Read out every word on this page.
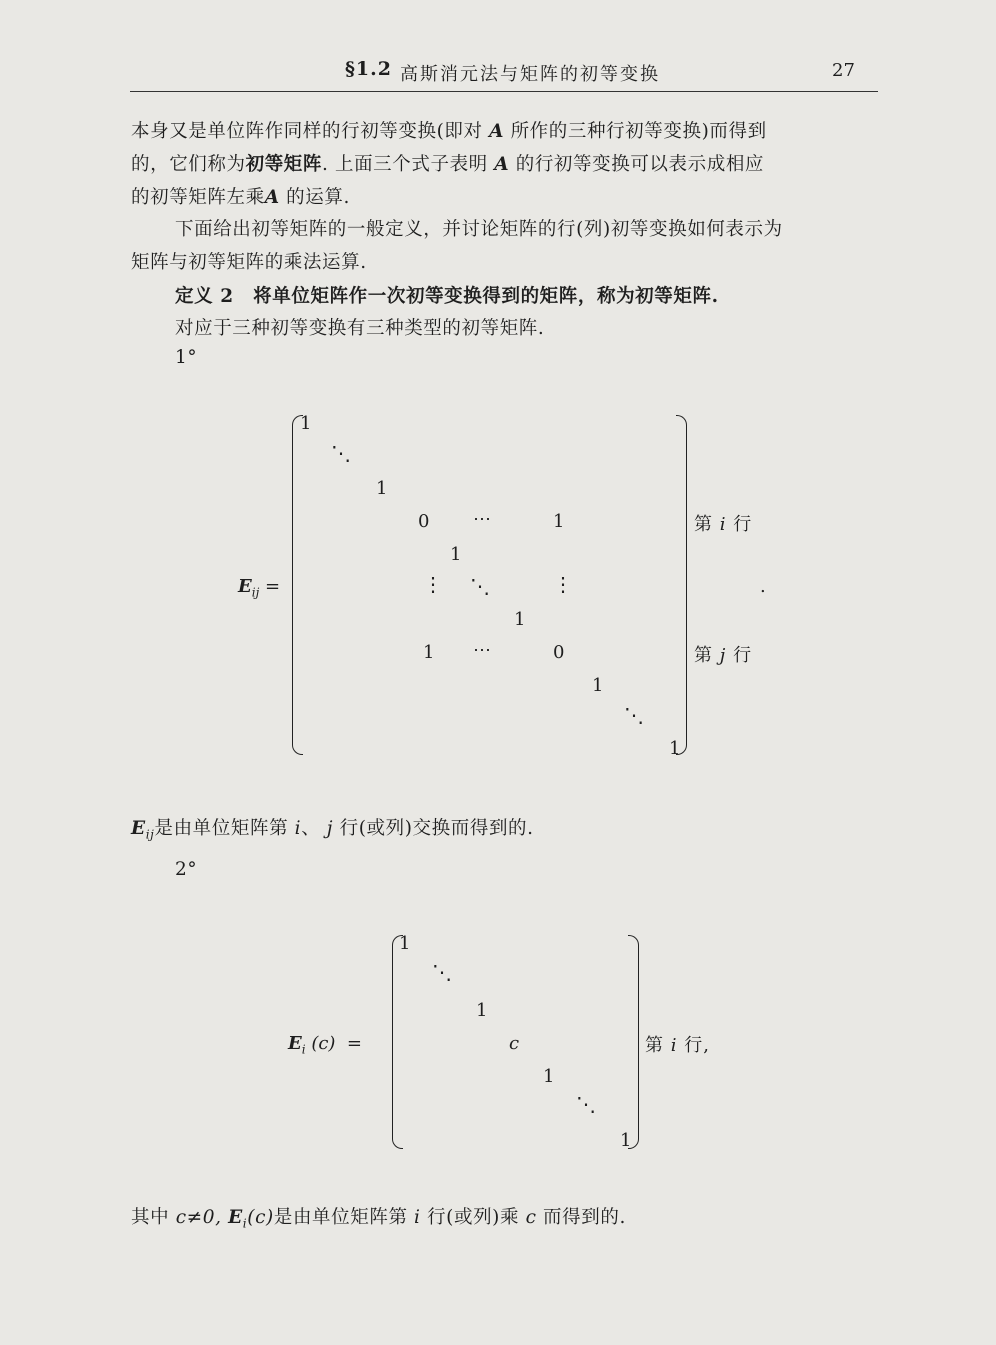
§1.2 高斯消元法与矩阵的初等变换	27
本身又是单位阵作同样的行初等变换(即对 A 所作的三种行初等变换)而得到
的，它们称为初等矩阵. 上面三个式子表明 A 的行初等变换可以表示成相应
的初等矩阵左乘A 的运算.
下面给出初等矩阵的一般定义，并讨论矩阵的行(列)初等变换如何表示为
矩阵与初等矩阵的乘法运算.
定义 2 将单位矩阵作一次初等变换得到的矩阵，称为初等矩阵.
对应于三种初等变换有三种类型的初等矩阵.
1°
$E_{ij}$ =
1
⋱
1
0 ⋯	1
1
⋮ ⋱	⋮
1
1 ⋯	0
1
⋱
1
第 i 行
.
第 j 行
$E_{ij}$是由单位矩阵第 i、 j 行(或列)交换而得到的.
2°
$E_i$ (c) =
1
⋱
1
c
1
⋱
1
第 i 行,
其中 c≠0, $E_i(c)$是由单位矩阵第 i 行(或列)乘 c 而得到的.
